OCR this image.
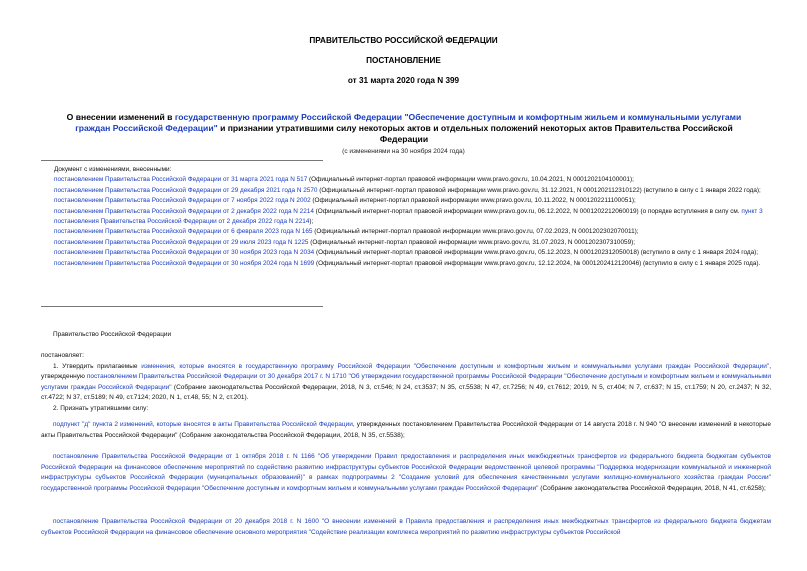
ПРАВИТЕЛЬСТВО РОССИЙСКОЙ ФЕДЕРАЦИИ
ПОСТАНОВЛЕНИЕ
от 31 марта 2020 года N 399
О внесении изменений в государственную программу Российской Федерации "Обеспечение доступным и комфортным жильем и коммунальными услугами граждан Российской Федерации" и признании утратившими силу некоторых актов и отдельных положений некоторых актов Правительства Российской Федерации
(с изменениями на 30 ноября 2024 года)

Документ с изменениями, внесенными:

постановлением Правительства Российской Федерации от 31 марта 2021 года N 517 (Официальный интернет-портал правовой информации www.pravo.gov.ru, 10.04.2021, N 0001202104100001);

постановлением Правительства Российской Федерации от 29 декабря 2021 года N 2570 (Официальный интернет-портал правовой информации www.pravo.gov.ru, 31.12.2021, N 0001202112310122) (вступило в силу с 1 января 2022 года);

постановлением Правительства Российской Федерации от 7 ноября 2022 года N 2002 (Официальный интернет-портал правовой информации www.pravo.gov.ru, 10.11.2022, N 0001202211100051);

постановлением Правительства Российской Федерации от 2 декабря 2022 года N 2214 (Официальный интернет-портал правовой информации www.pravo.gov.ru, 06.12.2022, N 0001202212060019) (о порядке вступления в силу см. пункт 3 постановления Правительства Российской Федерации от 2 декабря 2022 года N 2214);

постановлением Правительства Российской Федерации от 6 февраля 2023 года N 165 (Официальный интернет-портал правовой информации www.pravo.gov.ru, 07.02.2023, N 0001202302070011);

постановлением Правительства Российской Федерации от 29 июля 2023 года N 1225 (Официальный интернет-портал правовой информации www.pravo.gov.ru, 31.07.2023, N 0001202307310059);

постановлением Правительства Российской Федерации от 30 ноября 2023 года N 2034 (Официальный интернет-портал правовой информации www.pravo.gov.ru, 05.12.2023, N 0001202312050018) (вступило в силу с 1 января 2024 года);

постановлением Правительства Российской Федерации от 30 ноября 2024 года N 1699 (Официальный интернет-портал правовой информации www.pravo.gov.ru, 12.12.2024, № 0001202412120046) (вступило в силу с 1 января 2025 года).

Правительство Российской Федерации

постановляет:

1. Утвердить прилагаемые изменения, которые вносятся в государственную программу Российской Федерации "Обеспечение доступным и комфортным жильем и коммунальными услугами граждан Российской Федерации", утвержденную постановлением Правительства Российской Федерации от 30 декабря 2017 г. N 1710 "Об утверждении государственной программы Российской Федерации "Обеспечение доступным и комфортным жильем и коммунальными услугами граждан Российской Федерации" (Собрание законодательства Российской Федерации, 2018, N 3, ст.546; N 24, ст.3537; N 35, ст.5538; N 47, ст.7256; N 49, ст.7612; 2019, N 5, ст.404; N 7, ст.637; N 15, ст.1759; N 20, ст.2437; N 32, ст.4722; N 37, ст.5189; N 49, ст.7124; 2020, N 1, ст.48, 55; N 2, ст.201).

2. Признать утратившими силу:

подпункт "д" пункта 2 изменений, которые вносятся в акты Правительства Российской Федерации, утвержденных постановлением Правительства Российской Федерации от 14 августа 2018 г. N 940 "О внесении изменений в некоторые акты Правительства Российской Федерации" (Собрание законодательства Российской Федерации, 2018, N 35, ст.5538);

постановление Правительства Российской Федерации от 1 октября 2018 г. N 1166 "Об утверждении Правил предоставления и распределения иных межбюджетных трансфертов из федерального бюджета бюджетам субъектов Российской Федерации на финансовое обеспечение мероприятий по содействию развитию инфраструктуры субъектов Российской Федерации ведомственной целевой программы "Поддержка модернизации коммунальной и инженерной инфраструктуры субъектов Российской Федерации (муниципальных образований)" в рамках подпрограммы 2 "Создание условий для обеспечения качественными услугами жилищно-коммунального хозяйства граждан России" государственной программы Российской Федерации "Обеспечение доступным и комфортным жильем и коммунальными услугами граждан Российской Федерации" (Собрание законодательства Российской Федерации, 2018, N 41, ст.6258);

постановление Правительства Российской Федерации от 20 декабря 2018 г. N 1600 "О внесении изменений в Правила предоставления и распределения иных межбюджетных трансфертов из федерального бюджета бюджетам субъектов Российской Федерации на финансовое обеспечение основного мероприятия "Содействие реализации комплекса мероприятий по развитию инфраструктуры субъектов Российской
